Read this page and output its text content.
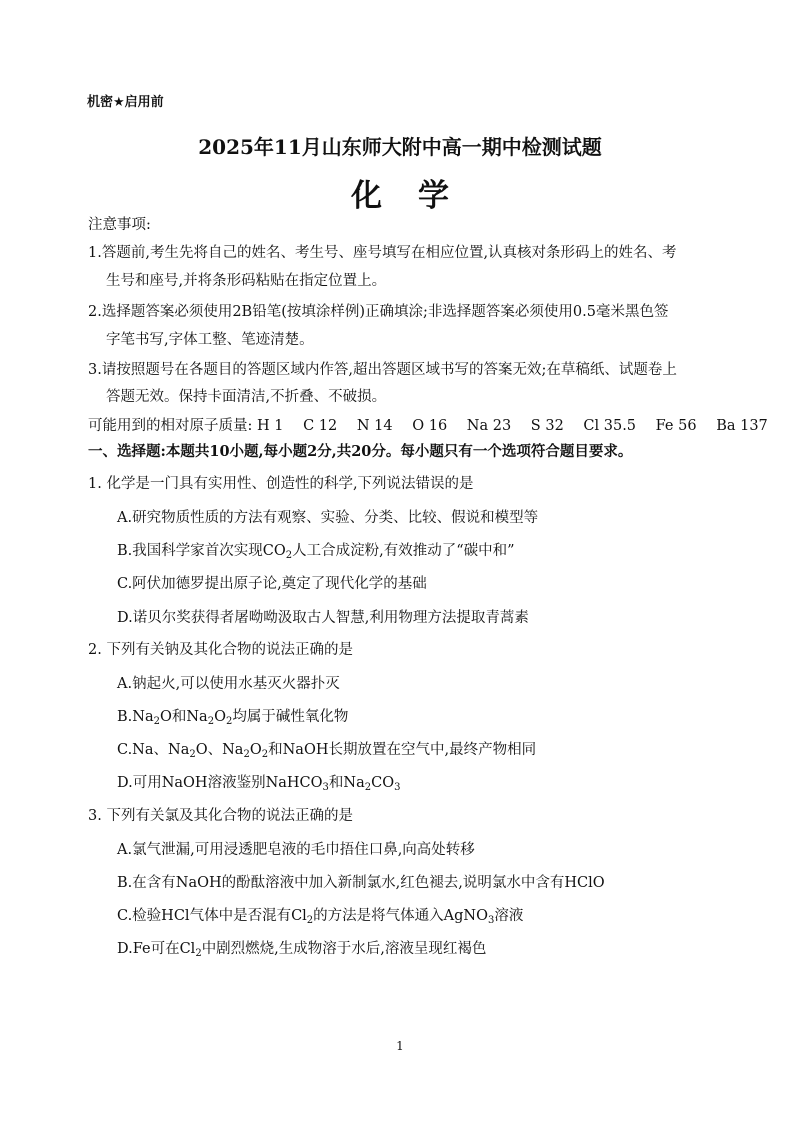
机密★启用前
2025年11月山东师大附中高一期中检测试题
化学
注意事项:
1.答题前,考生先将自己的姓名、考生号、座号填写在相应位置,认真核对条形码上的姓名、考
生号和座号,并将条形码粘贴在指定位置上。
2.选择题答案必须使用2B铅笔(按填涂样例)正确填涂;非选择题答案必须使用0.5毫米黑色签
字笔书写,字体工整、笔迹清楚。
3.请按照题号在各题目的答题区域内作答,超出答题区域书写的答案无效;在草稿纸、试题卷上
答题无效。保持卡面清洁,不折叠、不破损。
可能用到的相对原子质量: H 1 C 12 N 14 O 16 Na 23 S 32 Cl 35.5 Fe 56 Ba 137
一、选择题:本题共10小题,每小题2分,共20分。每小题只有一个选项符合题目要求。
1. 化学是一门具有实用性、创造性的科学,下列说法错误的是
A.研究物质性质的方法有观察、实验、分类、比较、假说和模型等
B.我国科学家首次实现$CO_2$人工合成淀粉,有效推动了“碳中和”
C.阿伏加德罗提出原子论,奠定了现代化学的基础
D.诺贝尔奖获得者屠呦呦汲取古人智慧,利用物理方法提取青蒿素
2. 下列有关钠及其化合物的说法正确的是
A.钠起火,可以使用水基灭火器扑灭
$B.Na_2O$和$Na_2O_2$均属于碱性氧化物
C.Na、$Na_2O$、$Na_2O_2$和NaOH长期放置在空气中,最终产物相同
D.可用NaOH溶液鉴别NaHCO$_3$和$Na_2CO_3$
3. 下列有关氯及其化合物的说法正确的是
A.氯气泄漏,可用浸透肥皂液的毛巾捂住口鼻,向高处转移
B.在含有NaOH的酚酞溶液中加入新制氯水,红色褪去,说明氯水中含有HClO
C.检验HCl气体中是否混有$Cl_2$的方法是将气体通入AgNO$_3$溶液
D.Fe可在$Cl_2$中剧烈燃烧,生成物溶于水后,溶液呈现红褐色
1
